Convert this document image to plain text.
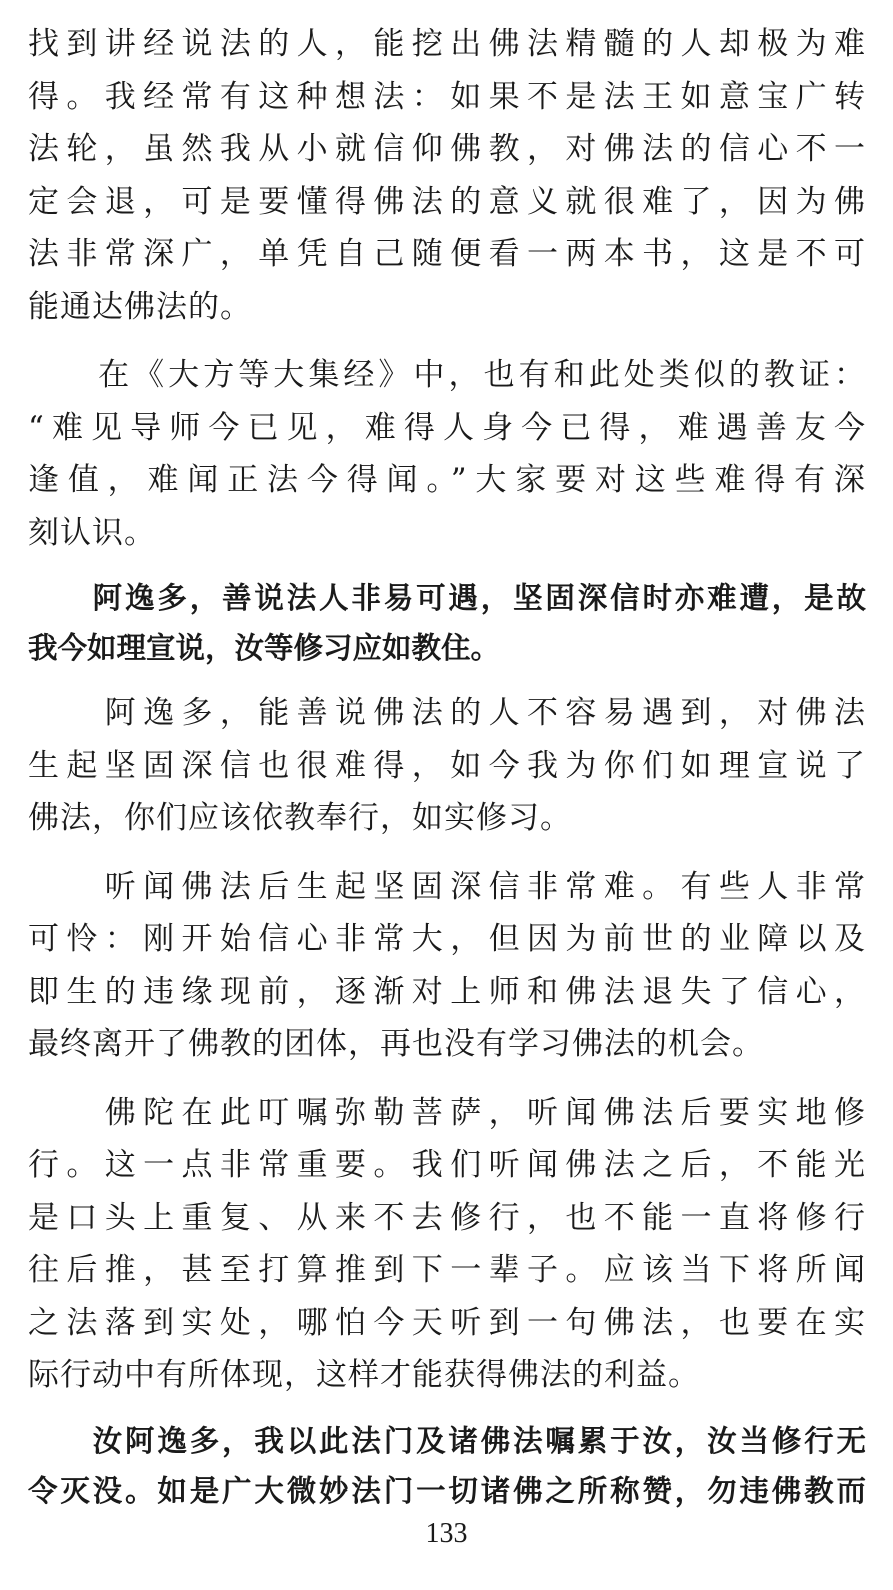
找到讲经说法的人，能挖出佛法精髓的人却极为难
得。我经常有这种想法：如果不是法王如意宝广转
法轮，虽然我从小就信仰佛教，对佛法的信心不一
定会退，可是要懂得佛法的意义就很难了，因为佛
法非常深广，单凭自己随便看一两本书，这是不可
能通达佛法的。
　　在《大方等大集经》中，也有和此处类似的教证：
“难见导师今已见，难得人身今已得，难遇善友今
逢值，难闻正法今得闻。”大家要对这些难得有深
刻认识。
　　阿逸多，善说法人非易可遇，坚固深信时亦难遭，是故
我今如理宣说，汝等修习应如教住。
　　阿逸多，能善说佛法的人不容易遇到，对佛法
生起坚固深信也很难得，如今我为你们如理宣说了
佛法，你们应该依教奉行，如实修习。
　　听闻佛法后生起坚固深信非常难。有些人非常
可怜：刚开始信心非常大，但因为前世的业障以及
即生的违缘现前，逐渐对上师和佛法退失了信心，
最终离开了佛教的团体，再也没有学习佛法的机会。
　　佛陀在此叮嘱弥勒菩萨，听闻佛法后要实地修
行。这一点非常重要。我们听闻佛法之后，不能光
是口头上重复、从来不去修行，也不能一直将修行
往后推，甚至打算推到下一辈子。应该当下将所闻
之法落到实处，哪怕今天听到一句佛法，也要在实
际行动中有所体现，这样才能获得佛法的利益。
　　汝阿逸多，我以此法门及诸佛法嘱累于汝，汝当修行无
令灭没。如是广大微妙法门一切诸佛之所称赞，勿违佛教而
133
